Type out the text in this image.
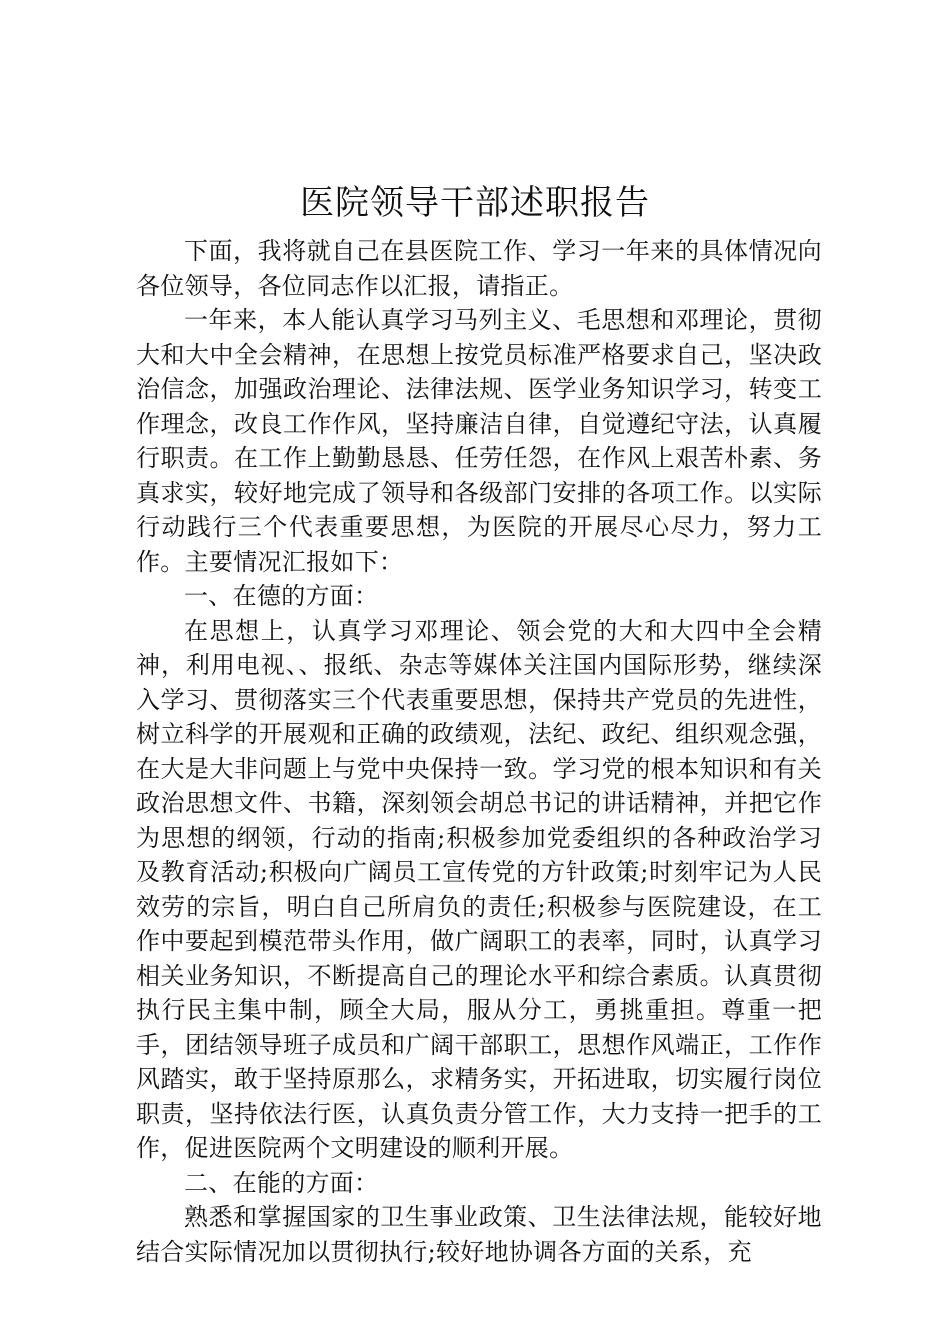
医院领导干部述职报告

下面，我将就自己在县医院工作、学习一年来的具体情况向各位领导，各位同志作以汇报，请指正。

一年来，本人能认真学习马列主义、毛思想和邓理论，贯彻大和大中全会精神，在思想上按党员标准严格要求自己，坚决政治信念，加强政治理论、法律法规、医学业务知识学习，转变工作理念，改良工作作风，坚持廉洁自律，自觉遵纪守法，认真履行职责。在工作上勤勤恳恳、任劳任怨，在作风上艰苦朴素、务真求实，较好地完成了领导和各级部门安排的各项工作。以实际行动践行三个代表重要思想，为医院的开展尽心尽力，努力工作。主要情况汇报如下：

一、在德的方面：

在思想上，认真学习邓理论、领会党的大和大四中全会精神，利用电视、、报纸、杂志等媒体关注国内国际形势，继续深入学习、贯彻落实三个代表重要思想，保持共产党员的先进性，树立科学的开展观和正确的政绩观，法纪、政纪、组织观念强，在大是大非问题上与党中央保持一致。学习党的根本知识和有关政治思想文件、书籍，深刻领会胡总书记的讲话精神，并把它作为思想的纲领，行动的指南;积极参加党委组织的各种政治学习及教育活动;积极向广阔员工宣传党的方针政策;时刻牢记为人民效劳的宗旨，明白自己所肩负的责任;积极参与医院建设，在工作中要起到模范带头作用，做广阔职工的表率，同时，认真学习相关业务知识，不断提高自己的理论水平和综合素质。认真贯彻执行民主集中制，顾全大局，服从分工，勇挑重担。尊重一把手，团结领导班子成员和广阔干部职工，思想作风端正，工作作风踏实，敢于坚持原那么，求精务实，开拓进取，切实履行岗位职责，坚持依法行医，认真负责分管工作，大力支持一把手的工作，促进医院两个文明建设的顺利开展。

二、在能的方面：

熟悉和掌握国家的卫生事业政策、卫生法律法规，能较好地结合实际情况加以贯彻执行;较好地协调各方面的关系，充
